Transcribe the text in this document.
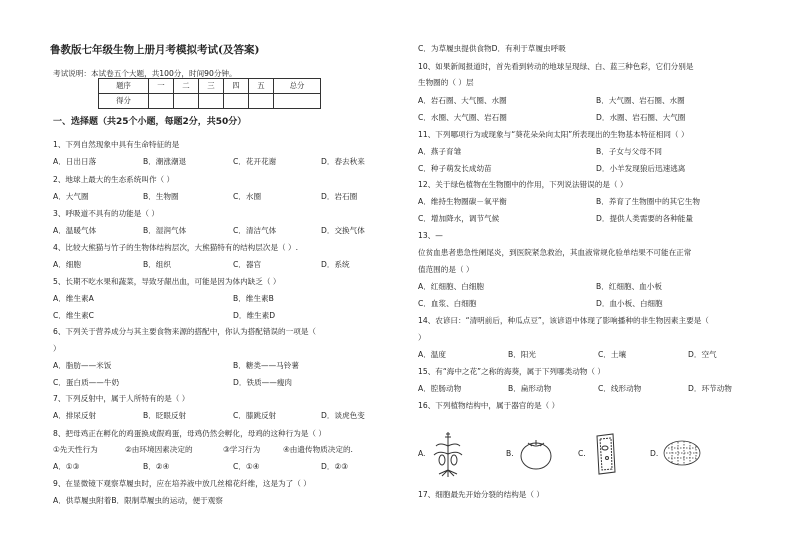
鲁教版七年级生物上册月考模拟考试(及答案)
考试说明：本试卷五个大题，共100分，时间90分钟。
题序	一	二	三	四	五	总分
得分						
一、选择题（共25个小题，每题2分，共50分）
1、下列自然现象中具有生命特征的是
A．日出日落	B．潮涨潮退	C．花开花谢	D．春去秋来
2、地球上最大的生态系统叫作（ ）
A．大气圈	B．生物圈	C．水圈	D．岩石圈
3、呼吸道不具有的功能是（ ）
A．温暖气体	B．湿润气体	C．清洁气体	D．交换气体
4、比较大熊猫与竹子的生物体结构层次，大熊猫特有的结构层次是（ ）.
A．细胞	B．组织	C．器官	D．系统
5、长期不吃水果和蔬菜，导致牙龈出血，可能是因为体内缺乏（ ）
A．维生素A	B．维生素B
C．维生素C	D．维生素D
6、下列关于营养成分与其主要食物来源的搭配中，你认为搭配错误的一项是（
）
A．脂肪——米饭	B．糖类——马铃薯
C．蛋白质——牛奶	D．铁质——瘦肉
7、下列反射中，属于人所特有的是（ ）
A．排尿反射	B．眨眼反射	C．膝跳反射	D．谈虎色变
8、把母鸡正在孵化的鸡蛋换成假鸡蛋，母鸡仍然会孵化，母鸡的这种行为是（ ）
①先天性行为	②由环境因素决定的	③学习行为	④由遗传物质决定的.
A．①③	B．②④	C．①④	D．②③
9、在显微镜下观察草履虫时，应在培养液中放几丝棉花纤维，这是为了（ ）
A．供草履虫附着B．限制草履虫的运动，便于观察
C．为草履虫提供食物D．有利于草履虫呼吸
10、如果新闻报道时，首先看到转动的地球呈现绿、白、蓝三种色彩，它们分别是
生物圈的（ ）层
A．岩石圈、大气圈、水圈	B．大气圈、岩石圈、水圈
C．水圈、大气圈、岩石圈	D．水圈、岩石圈、大气圈
11、下列哪项行为或现象与“葵花朵朵向太阳”所表现出的生物基本特征相同（ ）
A．燕子育雏	B．子女与父母不同
C．种子萌发长成幼苗	D．小羊发现狼后迅速逃离
12、关于绿色植物在生物圈中的作用，下列说法错误的是（ ）
A．维持生物圈碳－氧平衡	B．养育了生物圈中的其它生物
C．增加降水，调节气候	D．提供人类需要的各种能量
13、—
位贫血患者患急性阑尾炎，到医院紧急救治，其血液常规化验单结果不可能在正常
值范围的是（ ）
A．红细胞、白细胞	B．红细胞、血小板
C．血浆、白细胞	D．血小板、白细胞
14、农谚曰：“清明前后，种瓜点豆”，该谚语中体现了影响播种的非生物因素主要是（
）
A．温度	B．阳光	C．土壤	D．空气
15、有“海中之花”之称的海葵，属于下列哪类动物（ ）
A．腔肠动物	B．扁形动物	C．线形动物	D．环节动物
16、下列植物结构中，属于器官的是（ ）
A.	B.	C.	D.
17、细胞最先开始分裂的结构是（ ）
